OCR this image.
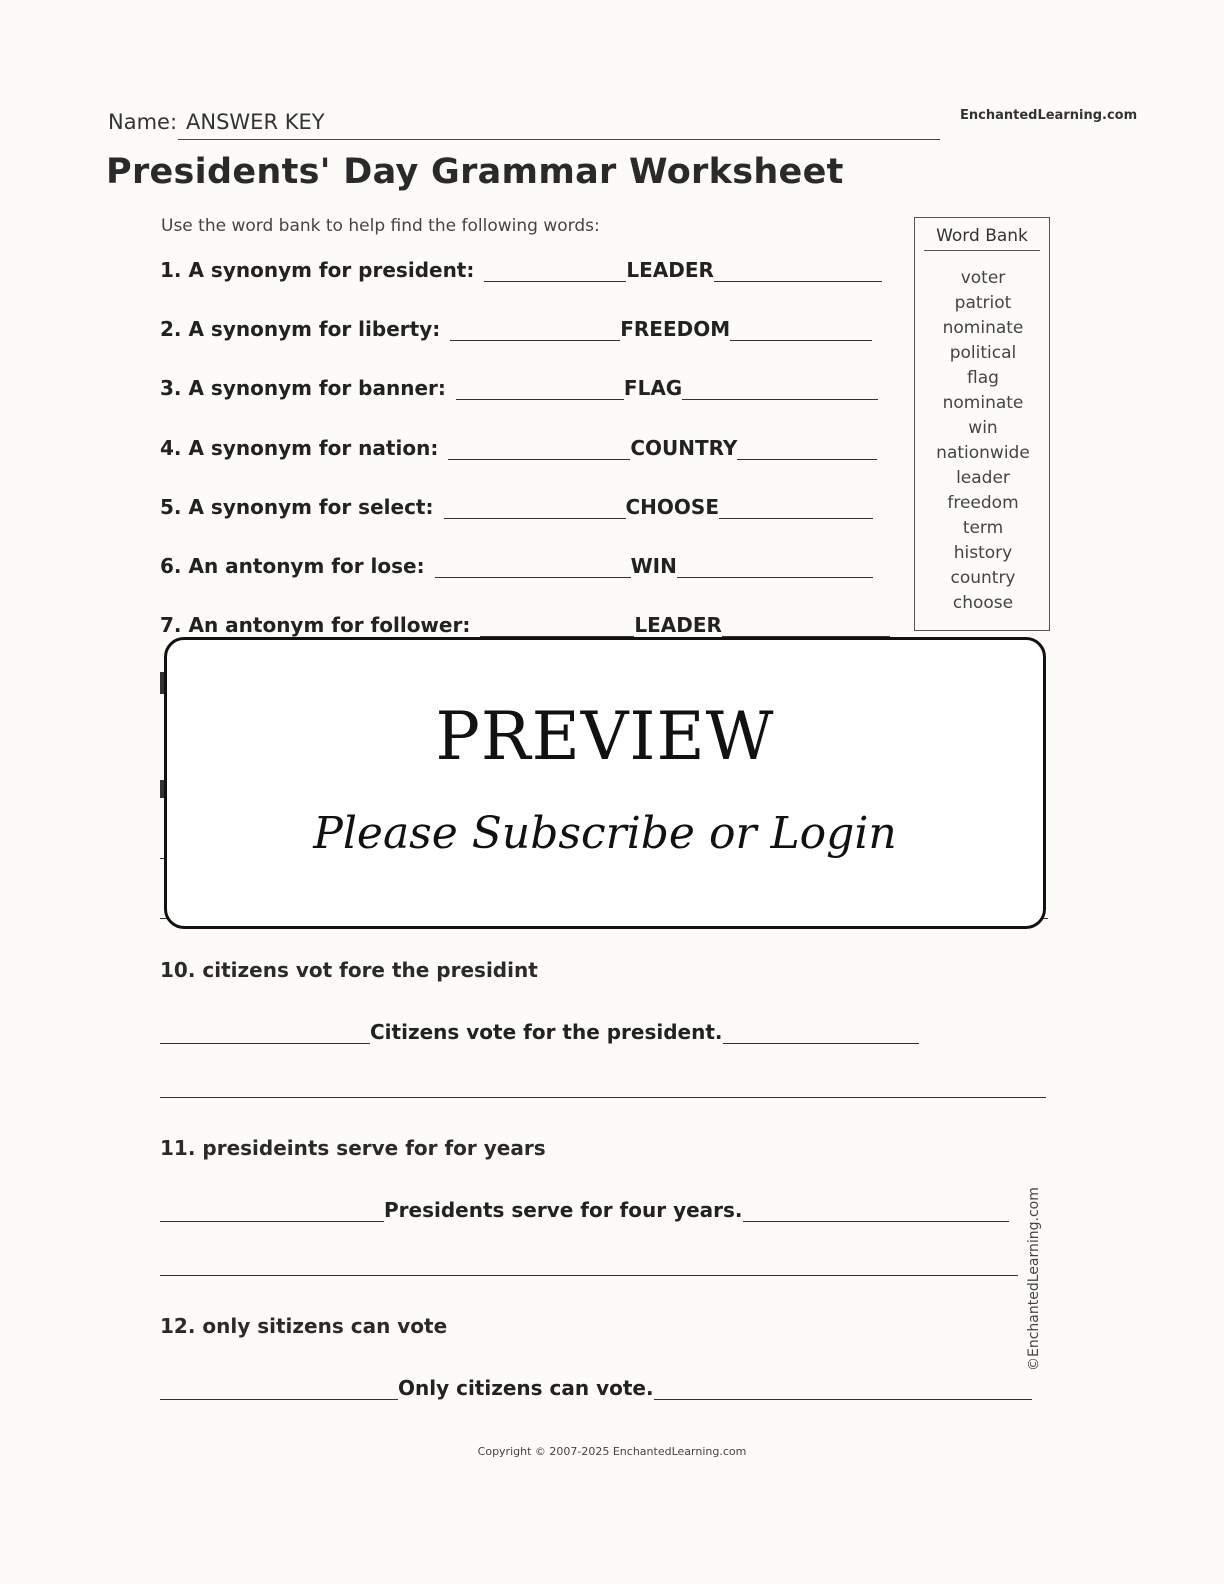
Name: ANSWER KEY	EnchantedLearning.com
Presidents' Day Grammar Worksheet
Use the word bank to help find the following words:
1. A synonym for president:	LEADER
2. A synonym for liberty:	FREEDOM
3. A synonym for banner:	FLAG
4. A synonym for nation:	COUNTRY
5. A synonym for select:	CHOOSE
6. An antonym for lose:	WIN
7. An antonym for follower:	LEADER
Word Bank
voter
patriot
nominate
political
flag
nominate
win
nationwide
leader
freedom
term
history
country
choose
PREVIEW
Please Subscribe or Login
10. citizens vot fore the presidint
Citizens vote for the president.
11. presideints serve for for years
Presidents serve for four years.
12. only sitizens can vote
Only citizens can vote.
©EnchantedLearning.com
Copyright © 2007-2025 EnchantedLearning.com
